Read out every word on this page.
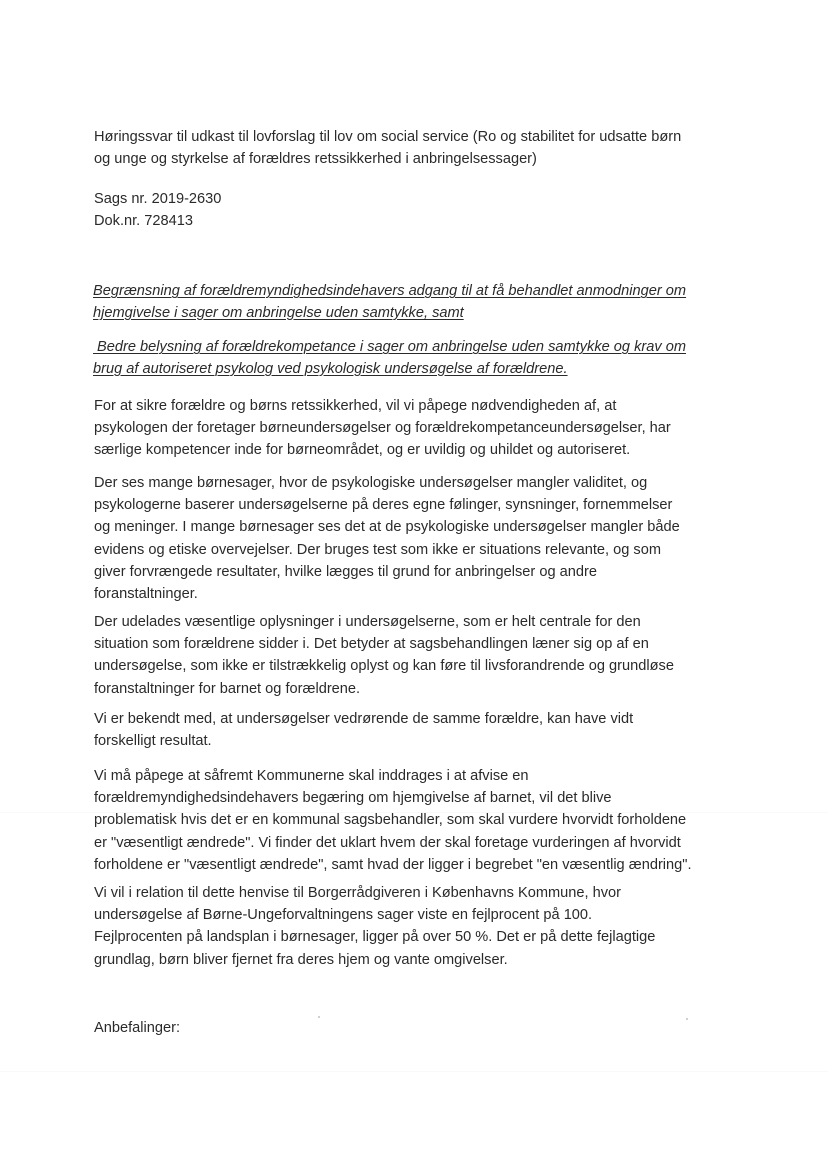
Høringssvar til udkast til lovforslag til lov om social service (Ro og stabilitet for udsatte børn
og unge og styrkelse af forældres retssikkerhed i anbringelsessager)

Sags nr. 2019-2630
Dok.nr. 728413

Begrænsning af forældremyndighedsindehavers adgang til at få behandlet anmodninger om
hjemgivelse i sager om anbringelse uden samtykke, samt

Bedre belysning af forældrekompetance i sager om anbringelse uden samtykke og krav om
brug af autoriseret psykolog ved psykologisk undersøgelse af forældrene.

For at sikre forældre og børns retssikkerhed, vil vi påpege nødvendigheden af, at
psykologen der foretager børneundersøgelser og forældrekompetanceundersøgelser, har
særlige kompetencer inde for børneområdet, og er uvildig og uhildet og autoriseret.

Der ses mange børnesager, hvor de psykologiske undersøgelser mangler validitet, og
psykologerne baserer undersøgelserne på deres egne følinger, synsninger, fornemmelser
og meninger. I mange børnesager ses det at de psykologiske undersøgelser mangler både
evidens og etiske overvejelser. Der bruges test som ikke er situations relevante, og som
giver forvrængede resultater, hvilke lægges til grund for anbringelser og andre
foranstaltninger.

Der udelades væsentlige oplysninger i undersøgelserne, som er helt centrale for den
situation som forældrene sidder i. Det betyder at sagsbehandlingen læner sig op af en
undersøgelse, som ikke er tilstrækkelig oplyst og kan føre til livsforandrende og grundløse
foranstaltninger for barnet og forældrene.

Vi er bekendt med, at undersøgelser vedrørende de samme forældre, kan have vidt
forskelligt resultat.

Vi må påpege at såfremt Kommunerne skal inddrages i at afvise en
forældremyndighedsindehavers begæring om hjemgivelse af barnet, vil det blive
problematisk hvis det er en kommunal sagsbehandler, som skal vurdere hvorvidt forholdene
er "væsentligt ændrede". Vi finder det uklart hvem der skal foretage vurderingen af hvorvidt
forholdene er "væsentligt ændrede", samt hvad der ligger i begrebet "en væsentlig ændring".

Vi vil i relation til dette henvise til Borgerrådgiveren i Københavns Kommune, hvor
undersøgelse af Børne-Ungeforvaltningens sager viste en fejlprocent på 100.
Fejlprocenten på landsplan i børnesager, ligger på over 50 %. Det er på dette fejlagtige
grundlag, børn bliver fjernet fra deres hjem og vante omgivelser.

Anbefalinger:
